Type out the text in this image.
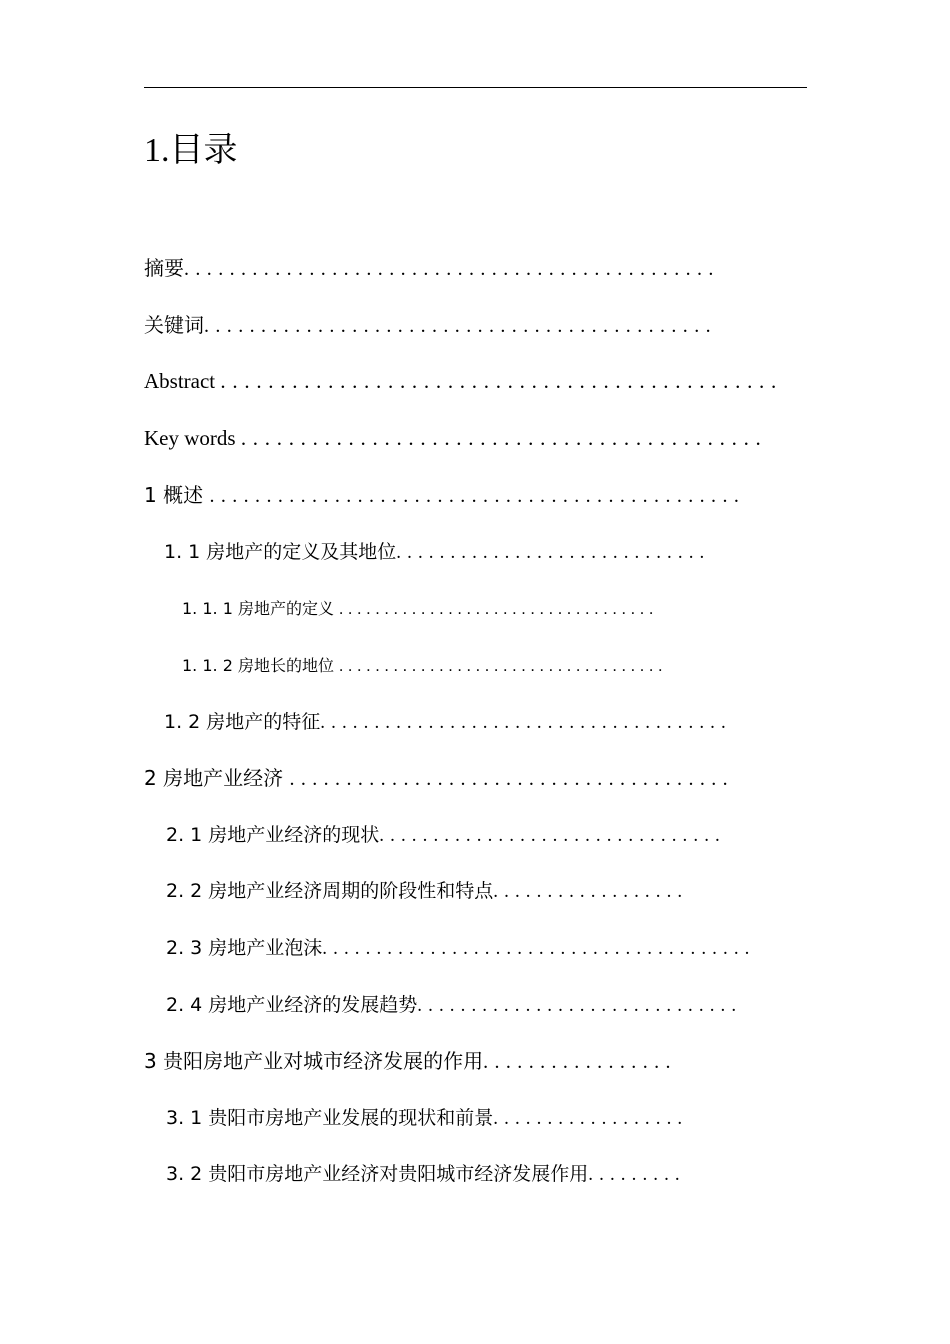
1.目录
摘要...............................................
关键词.............................................
Abstract ...............................................
Key words ............................................
1 概述 ...............................................
1. 1 房地产的定义及其地位.............................
1. 1. 1 房地产的定义 ...................................
1. 1. 2 房地长的地位 ....................................
1. 2 房地产的特征......................................
2 房地产业经济 .......................................
2. 1 房地产业经济的现状................................
2. 2 房地产业经济周期的阶段性和特点..................
2. 3 房地产业泡沫........................................
2. 4 房地产业经济的发展趋势..............................
3 贵阳房地产业对城市经济发展的作用.................
3. 1 贵阳市房地产业发展的现状和前景..................
3. 2 贵阳市房地产业经济对贵阳城市经济发展作用.........
